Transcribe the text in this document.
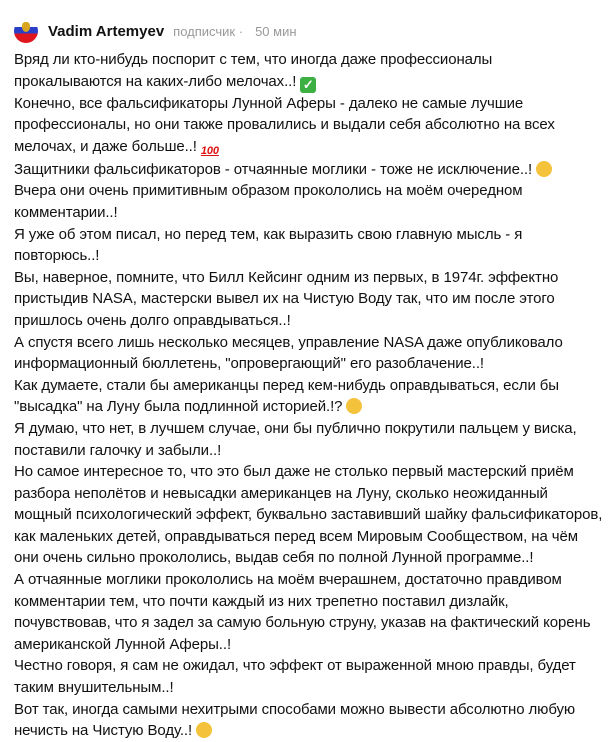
Vadim Artemyev подписчик · 50 мин
Вряд ли кто-нибудь поспорит с тем, что иногда даже профессионалы
прокалываются на каких-либо мелочах..! ✓
Конечно, все фальсификаторы Лунной Аферы - далеко не самые лучшие
профессионалы, но они также провалились и выдали себя абсолютно на всех
мелочах, и даже больше..! 100
Защитники фальсификаторов - отчаянные моглики - тоже не исключение..!
Вчера они очень примитивным образом прокололись на моём очередном
комментарии..!
Я уже об этом писал, но перед тем, как выразить свою главную мысль - я
повторюсь..!
Вы, наверное, помните, что Билл Кейсинг одним из первых, в 1974г. эффектно
пристыдив NASA, мастерски вывел их на Чистую Воду так, что им после этого
пришлось очень долго оправдываться..!
А спустя всего лишь несколько месяцев, управление NASA даже опубликовало
информационный бюллетень, "опровергающий" его разоблачение..!
Как думаете, стали бы американцы перед кем-нибудь оправдываться, если бы
"высадка" на Луну была подлинной историей.!?
Я думаю, что нет, в лучшем случае, они бы публично покрутили пальцем у виска,
поставили галочку и забыли..!
Но самое интересное то, что это был даже не столько первый мастерский приём
разбора неполётов и невысадки американцев на Луну, сколько неожиданный
мощный психологический эффект, буквально заставивший шайку фальсификаторов,
как маленьких детей, оправдываться перед всем Мировым Сообществом, на чём
они очень сильно прокололись, выдав себя по полной Лунной программе..!
А отчаянные моглики прокололись на моём вчерашнем, достаточно правдивом
комментарии тем, что почти каждый из них трепетно поставил дизлайк,
почувствовав, что я задел за самую больную струну, указав на фактический корень
американской Лунной Аферы..!
Честно говоря, я сам не ожидал, что эффект от выраженной мною правды, будет
таким внушительным..!
Вот так, иногда самыми нехитрыми способами можно вывести абсолютно любую
нечисть на Чистую Воду..!
